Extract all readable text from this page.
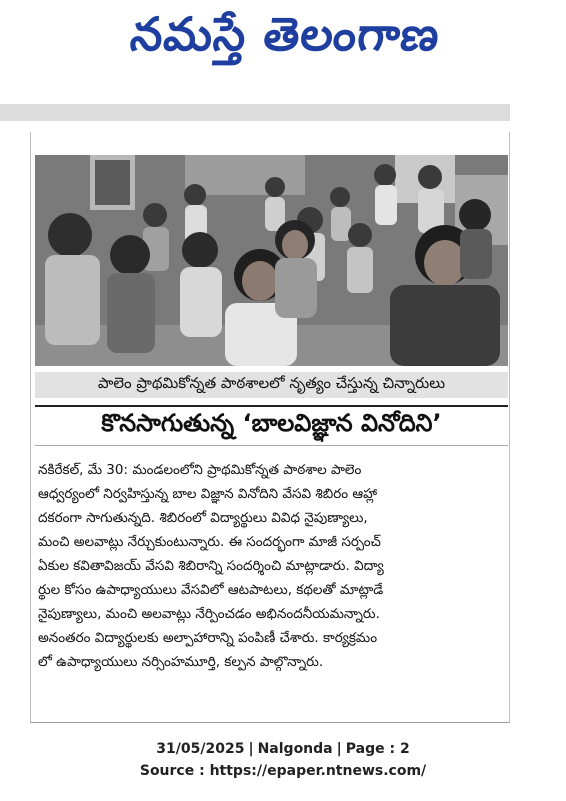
నమస్తే తెలంగాణ
పాలెం ప్రాథమికోన్నత పాఠశాలలో నృత్యం చేస్తున్న చిన్నారులు
కొనసాగుతున్న ‘బాలవిజ్ఞాన వినోదిని’
నకిరేకల్, మే 30: మండలంలోని ప్రాథమికోన్నత పాఠశాల పాలెం
ఆధ్వర్యంలో నిర్వహిస్తున్న బాల విజ్ఞాన వినోదిని వేసవి శిబిరం ఆహ్లా
దకరంగా సాగుతున్నది. శిబిరంలో విద్యార్థులు వివిధ నైపుణ్యాలు,
మంచి అలవాట్లు నేర్చుకుంటున్నారు. ఈ సందర్భంగా మాజీ సర్పంచ్
ఏకుల కవితావిజయ్ వేసవి శిబిరాన్ని సందర్శించి మాట్లాడారు. విద్యా
ర్థుల కోసం ఉపాధ్యాయులు వేసవిలో ఆటపాటలు, కథలతో మాట్లాడే
నైపుణ్యాలు, మంచి అలవాట్లు నేర్పించడం అభినందనీయమన్నారు.
అనంతరం విద్యార్థులకు అల్పాహారాన్ని పంపిణీ చేశారు. కార్యక్రమం
లో ఉపాధ్యాయులు నర్సింహమూర్తి, కల్పన పాల్గొన్నారు.
31/05/2025 | Nalgonda | Page : 2
Source : https://epaper.ntnews.com/
